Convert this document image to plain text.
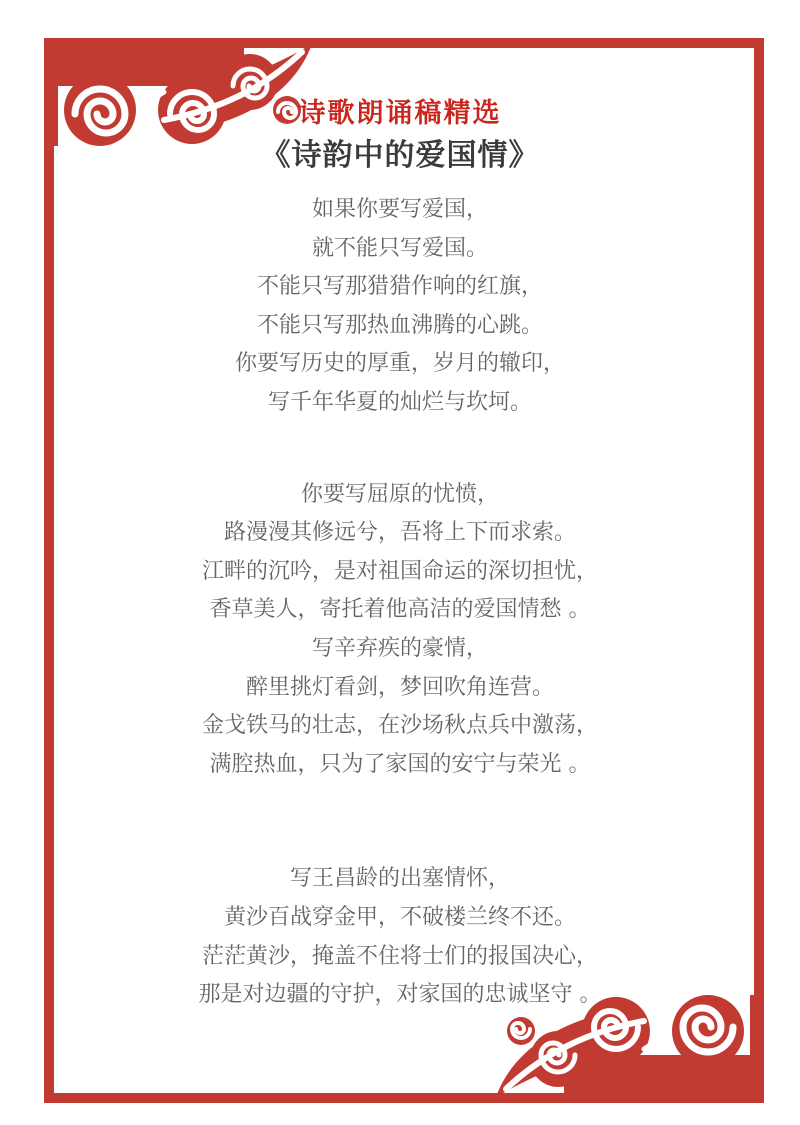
诗歌朗诵稿精选
《诗韵中的爱国情》
如果你要写爱国，
就不能只写爱国。
不能只写那猎猎作响的红旗，
不能只写那热血沸腾的心跳。
你要写历史的厚重，岁月的辙印，
写千年华夏的灿烂与坎坷。
你要写屈原的忧愤，
路漫漫其修远兮，吾将上下而求索。
江畔的沉吟，是对祖国命运的深切担忧，
香草美人，寄托着他高洁的爱国情愁 。
写辛弃疾的豪情，
醉里挑灯看剑，梦回吹角连营。
金戈铁马的壮志，在沙场秋点兵中激荡，
满腔热血，只为了家国的安宁与荣光 。
写王昌龄的出塞情怀，
黄沙百战穿金甲，不破楼兰终不还。
茫茫黄沙，掩盖不住将士们的报国决心，
那是对边疆的守护，对家国的忠诚坚守 。
